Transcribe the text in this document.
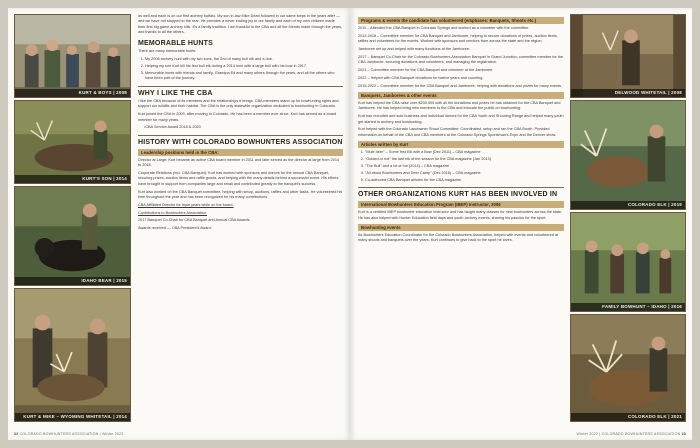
KURT & BOYS | 2008
KURT'S SON | 2014
IDAHO BEAR | 2015
KURT & MIKE – WYOMING WHITETAIL | 2014

as well and each is on our first archery buffalo. My son in-law Mike Dean followed in our same steps in the years after — and we have not stopped to the rear. He provides a never ending joy to our family and each of my own children made their first big game archery kills. It's a family tradition. I am thankful to the CBA and all the friends made through the years, and thanks to all the others.

MEMORABLE HUNTS

There are many memorable hunts:

1. My 2008 archery hunt with my two sons, the 2nd of many bull elk and a doe.
2. Helping my son Kurt kill his first bull elk during a 2014 hunt with a large bull with his bow in 2017.
3. Memorable hunts with friends and family. Grandpa Ed and many others through the years, and all the others who have been part of the journey.
WHY I LIKE THE CBA

I like the CBA because of its members and the relationships it brings. CBA members stand up for bowhunting rights and support our wildlife and their habitat. The CBA is the only statewide organization dedicated to bowhunting in Colorado.

Kurt joined the CBA in 2009, after moving to Colorado. He has been a member ever since. Kurt has served as a board member for many years.

• CBA Service Award 2018 & 2020
HISTORY WITH COLORADO BOWHUNTERS ASSOCIATION
Leadership positions held in the CBA:

Director at Large: Kurt became an active CBA board member in 2011 and later served as the director at large from 2014 to 2018.

Corporate Relations (incl. CBA Banquet): Kurt has worked with sponsors and donors for the annual CBA Banquet, securing prizes, auction items and raffle goods, and helping with the many details behind a successful event. His efforts have brought in support from companies large and small and contributed greatly to the banquet's success.

Kurt also worked on the CBA Banquet committee, helping with setup, auctions, raffles and other tasks. He volunteered his time throughout the year and has been recognized for his many contributions.

CBA Affiliated Director for triple years while on the board.

Contributions to Bowhunters Association:

2017 Banquet Co-Chair for CBA Banquet and Annual CBA Awards.

Awards received — CBA President's Award.

22 COLORADO BOWHUNTERS ASSOCIATION | Winter 2022
Programs & events the candidate has volunteered (emphases: Banquets, Shoots etc.)

2011 – Attended the CBA Banquet in Colorado Springs and worked as a volunteer with the committee.

2012-2018 – Committee member for CBA Banquet and Jamboree, helping to secure donations of prizes, auction items, raffles and volunteers for the events. Worked with sponsors and vendors from across the state and the region.

Jamboree set up and helped with many functions at the Jamboree.

2017 – Banquet Co-Chair for the Colorado Bowhunters Association Banquet in Grand Junction, committee member for the CBA Jamboree, securing donations and volunteers, and managing the registration.

2021 – Committee member for the CBA Banquet and volunteer at the Jamboree.

2022 – Helped with CBA Banquet donations for twelve years and counting.

2015-2022 – Committee member for the CBA Banquet and Jamboree, helping with donations and prizes for many events.

Banquets, Jamborees & other events

Kurt has helped the CBA raise over $200,000 with all the donations and prizes he has obtained for the CBA Banquet and Jamboree. He has helped bring new members to the CBA and educate the public on bowhunting.

Kurt has recruited and sold business and individual donors for the CBA Youth and Shooting Range and helped many youth get started in archery and bowhunting.

Kurt helped with the Colorado Landowner Shoot Committee: Coordinated, setup and ran the CBA Booth. Provided information on behalf of the CBA and CBA members at the Colorado Springs Sportsman's Expo and the Denver show.

Articles written by Kurt
1. "Mule deer" – Some first Elk with a Bow (Dec 2011) – CBA magazine
2. "Guided or not" the last elk of the season for the CBA magazine (Jan 2013)
3. "The Bull" and a lot of fun (2014) – CBA magazine
4. "All about Bowhunters and Deer Camp" (Dec 2016) – CBA magazine
5. Co-authored CBA Banquet articles for the CBA magazine.
OTHER ORGANIZATIONS KURT HAS BEEN INVOLVED IN
International Bowhunters Education Program (IBEP) Instructor, 2006

Kurt is a certified IBEP bowhunter education instructor and has taught many classes for new bowhunters across the state. He has also helped with Hunter Education field days and youth archery events, sharing his passion for the sport.

Bowhunting events

As Bowhunters Education Coordinator for the Colorado Bowhunters Association, helped with events and volunteered at many shoots and banquets over the years. Kurt continues to give back to the sport he loves.

DELWOOD WHITETAIL | 2008
COLORADO ELK | 2019
FAMILY BOWHUNT – IDAHO | 2016
COLORADO ELK | 2021
Winter 2022 | COLORADO BOWHUNTERS ASSOCIATION 23
